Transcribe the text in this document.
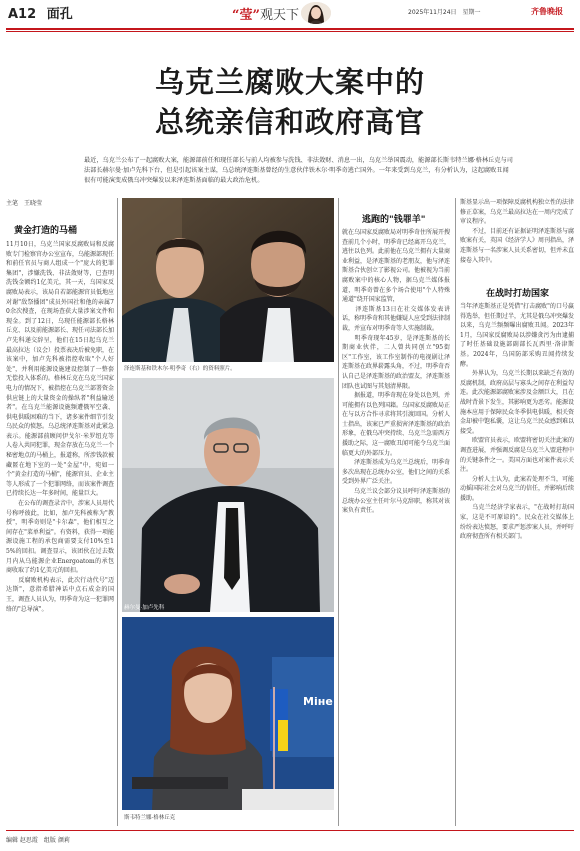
A12 面孔	“莹”观天下	2025年11月24日　星期一	齐鲁晚报
乌克兰腐败大案中的
总统亲信和政府高官
最近，乌克兰公布了一起腐败大案，能源部前任和现任部长与前人均被参与洗钱、非法敛财、消息一出，乌克兰举国震动，能源部长斯韦特兰娜·格林丘克与司法部长赫尔曼·加卢先科下台，但是引起该案主谋，乌总统泽连斯基曾经的生意伙伴铁木尔·明季奇逃亡国外。一年来受到乌克兰，有分析认为，这起腐败丑闻很有可能演变成俄乌冲突爆发以来泽连斯基面临的最大政治危机。
主笔　王晓莹
黄金打造的马桶
11月10日，乌克兰国家反腐败局和反腐败专门检察官办公室宣布，乌能源部现任和前任官员与商人组成一个"庞大的犯罪集团"，涉嫌洗钱、非法敛财等，已查明洗钱金额约1亿美元，其一天，乌国家反腐败局表示，该局自若部能源官员低地应对谢"敌祭播团"成员外国社和他的亲属70余次搜查，在现场查获大量涉案文件和现金。到了12日，乌现任能源部长格林丘克、以及前能源部长、现任司法部长加卢先科递交辞呈，他们在15日起乌克兰最高拉达（议会）投票表决后被免职，在该案中，加卢先科被指控收取"个人好处"，并利用能源设施建设控制了一整套无偿投入体系的。格林丘克在乌克兰国家电力的情况下，被指控在乌克兰部署资金供应链上的大量资金的操纵者"利益输送者"。在乌克兰能源设施频遭俄军空袭、供电供暖困难的当下，诸多案件细节引发乌民众的愤怒。乌总统泽连斯基对此紧急表示。能源部前顾问伊戈尔·米罗纽克等人卷入共同犯罪，现金存放在乌克兰一个秘密地点的马桶上，报道称，所涉钱款被藏匿在地下室的一处"金屋"中，宛如一个"黄金打造的马桶"，能源官员、企业主等人形成了一个犯罪网络，而该案件调查已持续长达一年多时间，能量巨大。
　　在公布的调查录音中，涉案人员用代号称呼彼此，比如，加卢先科被称为"教授"，明季奇则是"卡尔森"，他们相互之间存在"菜单利益"。有资料，获得一项能源设施工程的承包商需要支付10%至15%的回扣。调查显示，该团伙在过去数月内从乌能源企业Energoatom的承包商收取了约1亿美元的回扣。
　　反腐败机构表示，此次行动代号"迈达斯"，意指希腊神话中点石成金的国王，调查人员认为，明季奇为这一犯罪网络的"总导演"。
泽连斯基和铁木尔·明季奇（右）的资料照片。
赫尔曼·加卢先科
Міне
斯韦特兰娜·格林丘克
逃跑的"钱罪羊"
就在乌国家反腐败局对明季奇住所展开搜查前几个小时，明季奇已经离开乌克兰，逃往以色列。此前他在乌克兰拥有大量商业利益，是泽连斯基的老朋友，他与泽连斯基合伙创立了影视公司。他被视为当前腐败案中的核心人物，据乌克兰媒体报道，明季奇曾在多个场合使用"个人特殊通道"绕开国家监管，
　　泽连斯基13日在社交媒体发表讲话，称明季奇和其他嫌疑人应受到法律制裁，并宣布对明季奇等人实施制裁。
　　明季奇现年45岁，是泽连斯基的长期商业伙伴，二人曾共同创立"95街区"工作室，该工作室制作的电视剧让泽连斯基在政界崭露头角，不过，明季奇否认自己是泽连斯基的政治盟友，泽连斯基团队也试图与其划清界限。
　　据报道，明季奇现在身处以色列，并可能拥有以色列国籍。乌国家反腐败局正在与以方合作寻求将其引渡回国。分析人士指出，该案已严重损害泽连斯基的政治形象，在俄乌冲突持续、乌克兰急需西方援助之际，这一腐败丑闻可能令乌克兰面临更大的外部压力。
　　泽连斯基成为乌克兰总统后，明季奇多次出现在总统办公室，他们之间的关系受到外界广泛关注。
　　乌克兰议会部分议员呼吁泽连斯基的总统办公室主任叶尔马克辞职，称其对该案负有责任。
斯基显示出一项保障反腐机构独立性的法律修正草案，乌克兰最高拉达在一周内完成了审议程序。
　　不过，目前还有证据证明泽连斯基与腐败案有关，英国《经济学人》周刊指出，泽连斯基与一名涉案人员关系密切，但并未直接卷入其中。
在战时打劫国家
当年泽连斯基正是凭借"打击腐败"的口号赢得选举，但任期过半，尤其是俄乌冲突爆发以来，乌克兰频频曝出腐败丑闻。2023年1月，乌国家反腐败局以涉嫌贪污为由逮捕了时任基础设施部副部长瓦西里·洛津斯基。2024年，乌国防部采购丑闻持续发酵。
　　外界认为，乌克兰长期以来缺乏有效的反腐机制，政府高层与寡头之间存在利益勾连。此次能源部腐败案涉及金额巨大，且在战时背景下发生，其影响更为恶劣。能源设施本应用于保障民众冬季供电供暖，相关资金却被中饱私囊，这让乌克兰民众感到难以接受。
　　欧盟官员表示，欧盟将密切关注此案的调查进展，并强调反腐是乌克兰入盟进程中的关键条件之一。美国方面也对案件表示关注。
　　分析人士认为，此案若处理不当，可能动摇国际社会对乌克兰的信任，并影响后续援助。
　　乌克兰经济学家表示，"在战时打劫国家，这是不可原谅的"。民众在社交媒体上纷纷表达愤怒，要求严惩涉案人员，并呼吁政府彻查所有相关部门。
编辑 赵思霞　组版 颜莉
